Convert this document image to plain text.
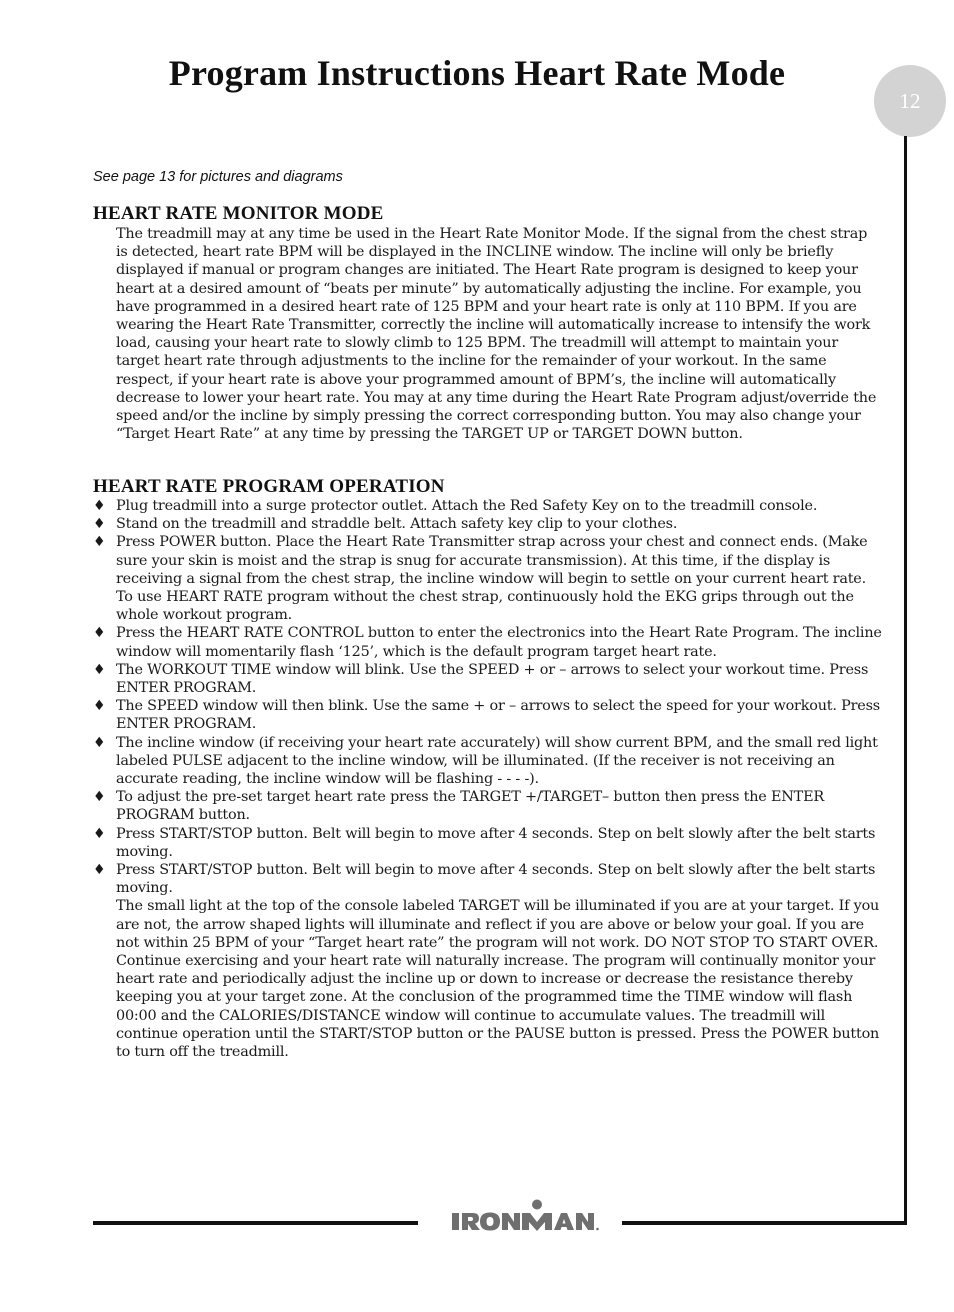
Program Instructions Heart Rate Mode
12

See page 13 for pictures and diagrams

HEART RATE MONITOR MODE

The treadmill may at any time be used in the Heart Rate Monitor Mode. If the signal from the chest strap is detected, heart rate BPM will be displayed in the INCLINE window. The incline will only be briefly displayed if manual or program changes are initiated. The Heart Rate program is designed to keep your heart at a desired amount of “beats per minute” by automatically adjusting the incline. For example, you have programmed in a desired heart rate of 125 BPM and your heart rate is only at 110 BPM. If you are wearing the Heart Rate Transmitter, correctly the incline will automatically increase to intensify the work load, causing your heart rate to slowly climb to 125 BPM. The treadmill will attempt to maintain your target heart rate through adjustments to the incline for the remainder of your workout. In the same respect, if your heart rate is above your programmed amount of BPM’s, the incline will automatically decrease to lower your heart rate. You may at any time during the Heart Rate Program adjust/override the speed and/or the incline by simply pressing the correct corresponding button. You may also change your “Target Heart Rate” at any time by pressing the TARGET UP or TARGET DOWN button.

HEART RATE PROGRAM OPERATION
♦ Plug treadmill into a surge protector outlet. Attach the Red Safety Key on to the treadmill console.
♦ Stand on the treadmill and straddle belt. Attach safety key clip to your clothes.
♦ Press POWER button. Place the Heart Rate Transmitter strap across your chest and connect ends. (Make sure your skin is moist and the strap is snug for accurate transmission). At this time, if the display is receiving a signal from the chest strap, the incline window will begin to settle on your current heart rate. To use HEART RATE program without the chest strap, continuously hold the EKG grips through out the whole workout program.
♦ Press the HEART RATE CONTROL button to enter the electronics into the Heart Rate Program. The incline window will momentarily flash ‘125’, which is the default program target heart rate.
♦ The WORKOUT TIME window will blink. Use the SPEED + or – arrows to select your workout time. Press ENTER PROGRAM.
♦ The SPEED window will then blink. Use the same + or – arrows to select the speed for your workout. Press ENTER PROGRAM.
♦ The incline window (if receiving your heart rate accurately) will show current BPM, and the small red light labeled PULSE adjacent to the incline window, will be illuminated. (If the receiver is not receiving an accurate reading, the incline window will be flashing - - - -).
♦ To adjust the pre-set target heart rate press the TARGET +/TARGET– button then press the ENTER PROGRAM button.
♦ Press START/STOP button. Belt will begin to move after 4 seconds. Step on belt slowly after the belt starts moving.
♦ Press START/STOP button. Belt will begin to move after 4 seconds. Step on belt slowly after the belt starts moving.
The small light at the top of the console labeled TARGET will be illuminated if you are at your target. If you are not, the arrow shaped lights will illuminate and reflect if you are above or below your goal. If you are not within 25 BPM of your “Target heart rate” the program will not work. DO NOT STOP TO START OVER. Continue exercising and your heart rate will naturally increase. The program will continually monitor your heart rate and periodically adjust the incline up or down to increase or decrease the resistance thereby keeping you at your target zone. At the conclusion of the programmed time the TIME window will flash 00:00 and the CALORIES/DISTANCE window will continue to accumulate values. The treadmill will continue operation until the START/STOP button or the PAUSE button is pressed. Press the POWER button to turn off the treadmill.
